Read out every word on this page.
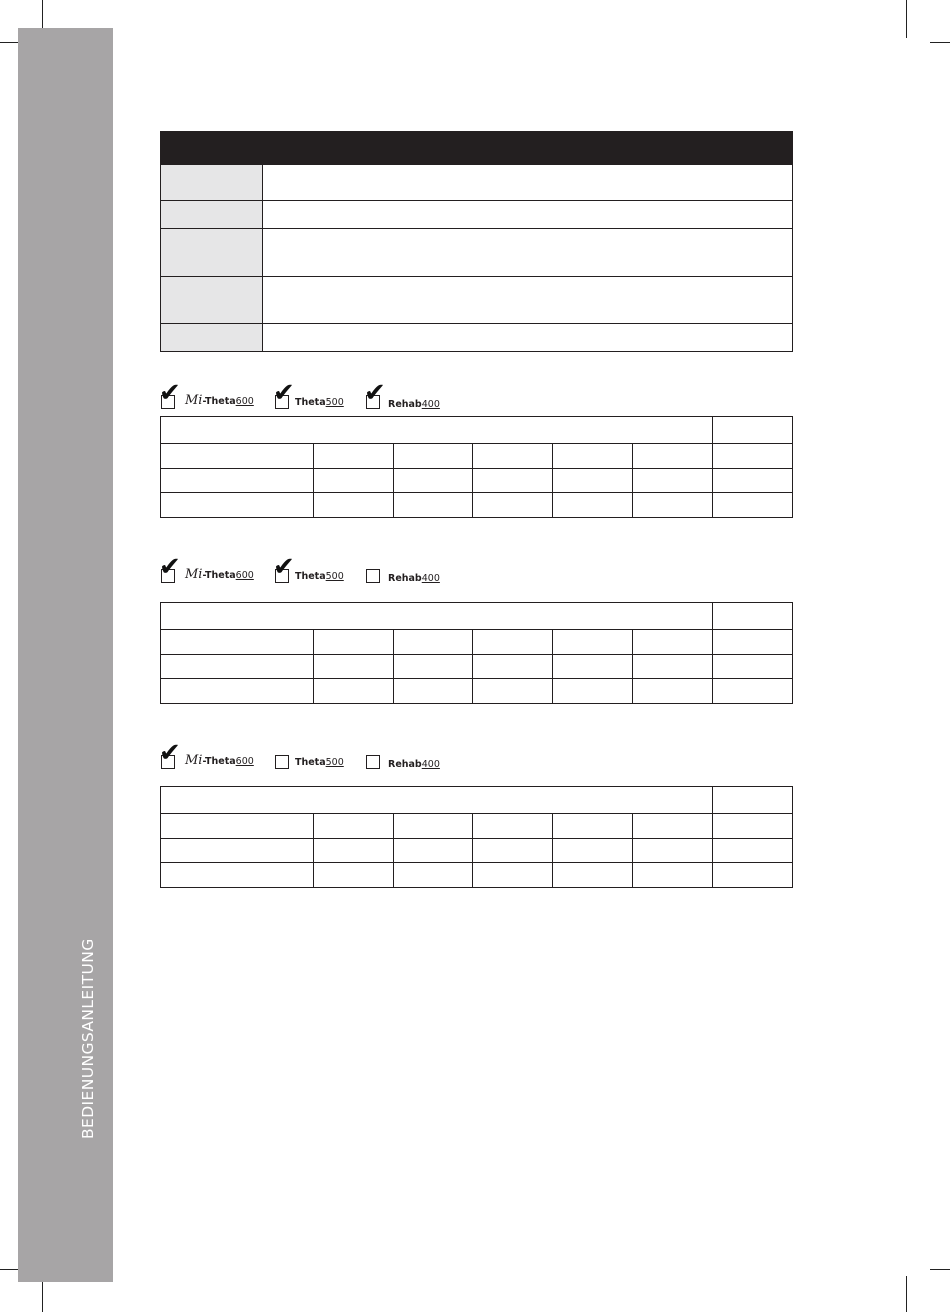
BEDIENUNGSANLEITUNG
✔ Mi-Theta600 ✔ Theta500 ✔ Rehab400

✔ Mi-Theta600 ✔ Theta500	Rehab400

✔ Mi-Theta600	Theta500	Rehab400
